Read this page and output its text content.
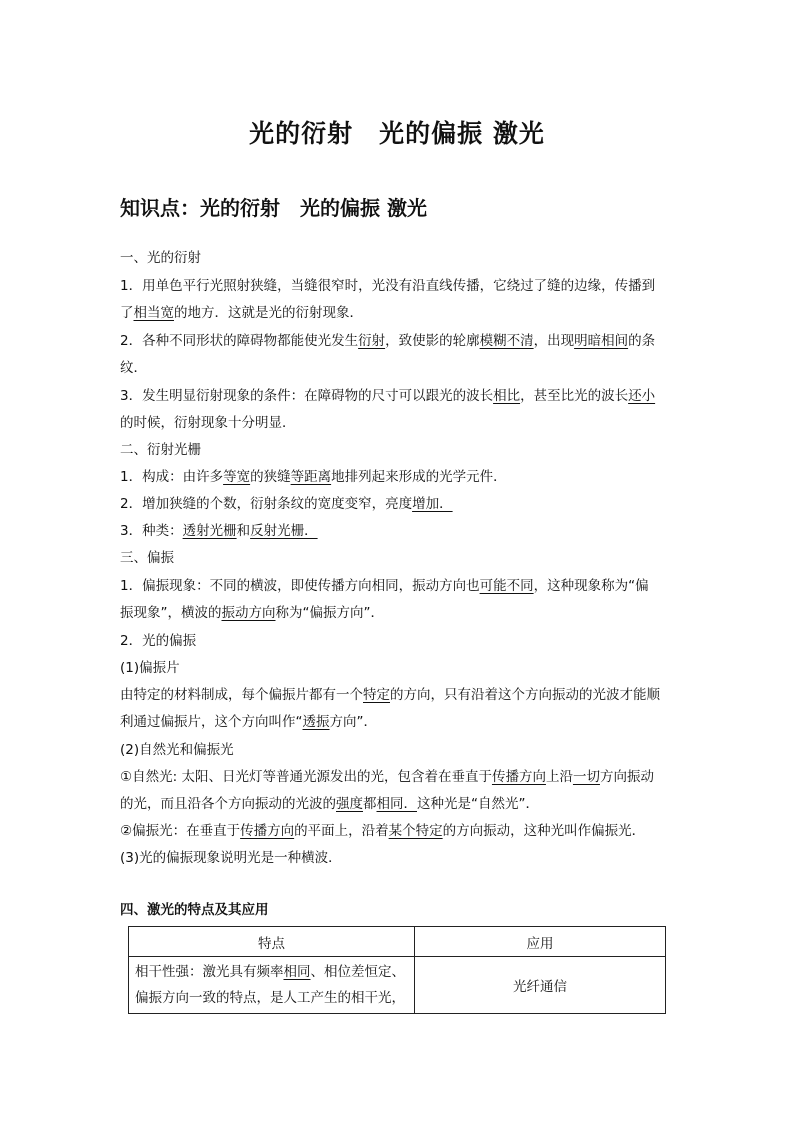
光的衍射　光的偏振 激光
知识点：光的衍射　光的偏振 激光
一、光的衍射
1．用单色平行光照射狭缝，当缝很窄时，光没有沿直线传播，它绕过了缝的边缘，传播到
了相当宽的地方．这就是光的衍射现象．
2．各种不同形状的障碍物都能使光发生衍射，致使影的轮廓模糊不清，出现明暗相间的条
纹．
3．发生明显衍射现象的条件：在障碍物的尺寸可以跟光的波长相比，甚至比光的波长还小
的时候，衍射现象十分明显．
二、衍射光栅
1．构成：由许多等宽的狭缝等距离地排列起来形成的光学元件．
2．增加狭缝的个数，衍射条纹的宽度变窄，亮度增加．
3．种类：透射光栅和反射光栅．
三、偏振
1．偏振现象：不同的横波，即使传播方向相同，振动方向也可能不同，这种现象称为“偏
振现象”，横波的振动方向称为“偏振方向”．
2．光的偏振
(1)偏振片
由特定的材料制成，每个偏振片都有一个特定的方向，只有沿着这个方向振动的光波才能顺
利通过偏振片，这个方向叫作“透振方向”．
(2)自然光和偏振光
①自然光: 太阳、日光灯等普通光源发出的光，包含着在垂直于传播方向上沿一切方向振动
的光，而且沿各个方向振动的光波的强度都相同．这种光是“自然光”．
②偏振光：在垂直于传播方向的平面上，沿着某个特定的方向振动，这种光叫作偏振光．
(3)光的偏振现象说明光是一种横波．
四、激光的特点及其应用
特点	应用

相干性强：激光具有频率相同、相位差恒定、
偏振方向一致的特点，是人工产生的相干光，	光纤通信
